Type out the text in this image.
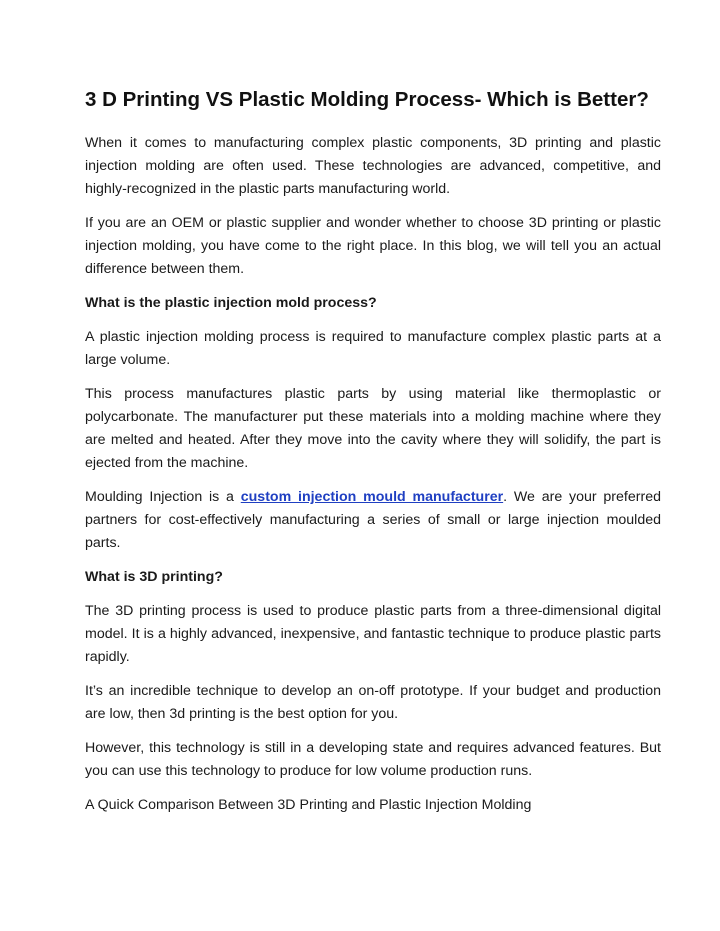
3 D Printing VS Plastic Molding Process- Which is Better?

When it comes to manufacturing complex plastic components, 3D printing and plastic injection molding are often used. These technologies are advanced, competitive, and highly-recognized in the plastic parts manufacturing world.

If you are an OEM or plastic supplier and wonder whether to choose 3D printing or plastic injection molding, you have come to the right place. In this blog, we will tell you an actual difference between them.

What is the plastic injection mold process?

A plastic injection molding process is required to manufacture complex plastic parts at a large volume.

This process manufactures plastic parts by using material like thermoplastic or polycarbonate. The manufacturer put these materials into a molding machine where they are melted and heated. After they move into the cavity where they will solidify, the part is ejected from the machine.

Moulding Injection is a custom injection mould manufacturer. We are your preferred partners for cost-effectively manufacturing a series of small or large injection moulded parts.

What is 3D printing?

The 3D printing process is used to produce plastic parts from a three-dimensional digital model. It is a highly advanced, inexpensive, and fantastic technique to produce plastic parts rapidly.

It’s an incredible technique to develop an on-off prototype. If your budget and production are low, then 3d printing is the best option for you.

However, this technology is still in a developing state and requires advanced features. But you can use this technology to produce for low volume production runs.

A Quick Comparison Between 3D Printing and Plastic Injection Molding
